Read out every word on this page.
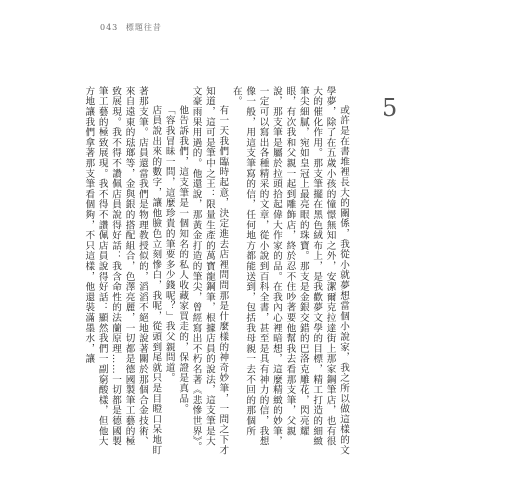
043 標題往昔
5

或許是在書堆裡長大的關係，我從小就夢想當個小說家，我之所以做這樣的文學夢，除了在五歲小孩的憧憬無知之外，安潔爾克拉達街上那家鋼筆店，也有很大的催化作用。那支筆擺在黑色絨布上，是我歡夢文學的目標，精工打造的細緻筆尖細膩，宛如皇冠上最亮眼的珠寶。那支是金銀交錯的巴洛克雕花，閃亮耀眼，有次我和父親一起到雕飾店，終於忍不住吵著要他幫我去看那支筆，父親說，那支筆是屬於拉頭拾起偉大作家的品。在我內心裡暗想，這麼精緻的妙筆，一定可以寫出各種精采的文章，從小說到百科全書，甚至是具有神力的信，我想像一般，用這支筆寫的信，任何地方都能送到，包括我母親一去不回的那個所在。

有一天我們臨時起意，決定進去店裡問問那是什麼樣的神奇妙筆，一問之下才知道，這可是筆中之王：限量生產的萬寶龍鋼筆，根據店員的說法，這支筆是大文豪雨果用過的。他還說，那黃金打造的筆尖，曾經寫出不朽名著《悲慘世界》。

他告訴我們，這支筆是一個知名的私人收藏家買走的，保證是真品。

「容我冒昧一問，這麼珍貴的筆要多少錢呢？」我父親問道。

店員說出來的數字，讓他臉色立刻慘白，我呢，從頭到尾就只是目瞪口呆地盯著那支筆。店員還當我們是物理教授似的，滔滔不絕地說著關於那個合金技術、來自遠東的琺瑯等，金與銀的搭配組合，色澤亮麗，一切都是德國製筆工藝的極致展現。我不得不讚佩店員說得好話：我含命性的法蘭原理……一切都是德國製筆工藝的極致展現。我不得不讚佩店員說得好話：顯然我們一副窮酸樣，但他大方地讓我們拿著那支筆看個夠，不只這樣，他還裝滿墨水，讓
